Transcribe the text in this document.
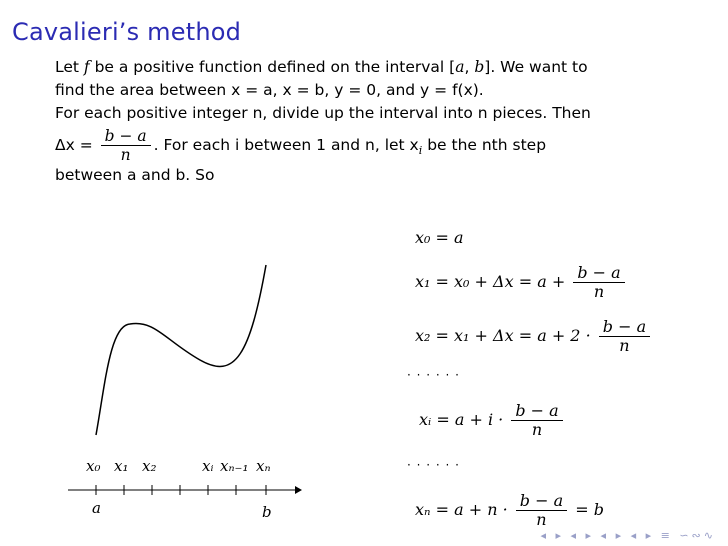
Cavalieri’s method
Let f be a positive function defined on the interval [a, b]. We want to
find the area between x = a, x = b, y = 0, and y = f(x).
For each positive integer n, divide up the interval into n pieces. Then
$\Delta x = \frac{b - a}{n}$ . For each i between 1 and n, let $x_i$ be the nth step
between a and b. So
x₀ = a
$x_1 = x_0 + \Delta x = a + \frac{b - a}{n}$
$x_2 = x_1 + \Delta x = a + 2 \cdot \frac{b - a}{n}$
· · · · · ·
xᵢ = $a + i \cdot \frac{b - a}{n}$
· · · · · ·
$x_n = a + n \cdot \frac{b - a}{n} = b$
x₀ x₁ x₂	xᵢ xₙ₋₁ xₙ
a	b
◂ ▸ ◂ ▸ ◂ ▸ ◂ ▸ ≡ ∽∾∿
